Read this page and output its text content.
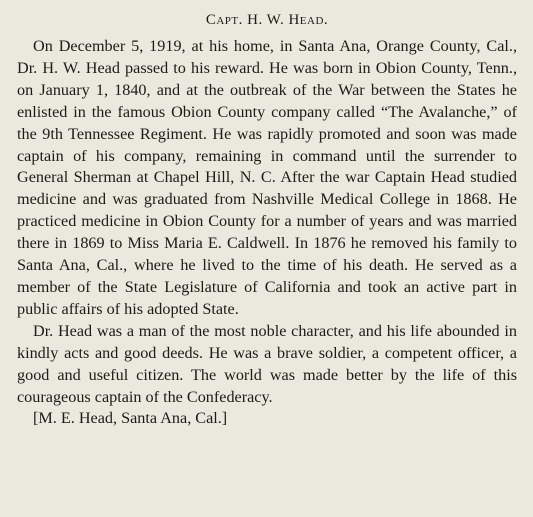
Capt. H. W. Head.

On December 5, 1919, at his home, in Santa Ana, Orange County, Cal., Dr. H. W. Head passed to his reward. He was born in Obion County, Tenn., on January 1, 1840, and at the outbreak of the War between the States he enlisted in the famous Obion County company called “The Avalanche,” of the 9th Tennessee Regiment. He was rapidly promoted and soon was made captain of his company, remaining in command until the surrender to General Sherman at Chapel Hill, N. C. After the war Captain Head studied medicine and was graduated from Nashville Medical College in 1868. He practiced medicine in Obion County for a number of years and was married there in 1869 to Miss Maria E. Caldwell. In 1876 he removed his family to Santa Ana, Cal., where he lived to the time of his death. He served as a member of the State Legislature of California and took an active part in public affairs of his adopted State.

Dr. Head was a man of the most noble character, and his life abounded in kindly acts and good deeds. He was a brave soldier, a competent officer, a good and useful citizen. The world was made better by the life of this courageous captain of the Confederacy.

[M. E. Head, Santa Ana, Cal.]
